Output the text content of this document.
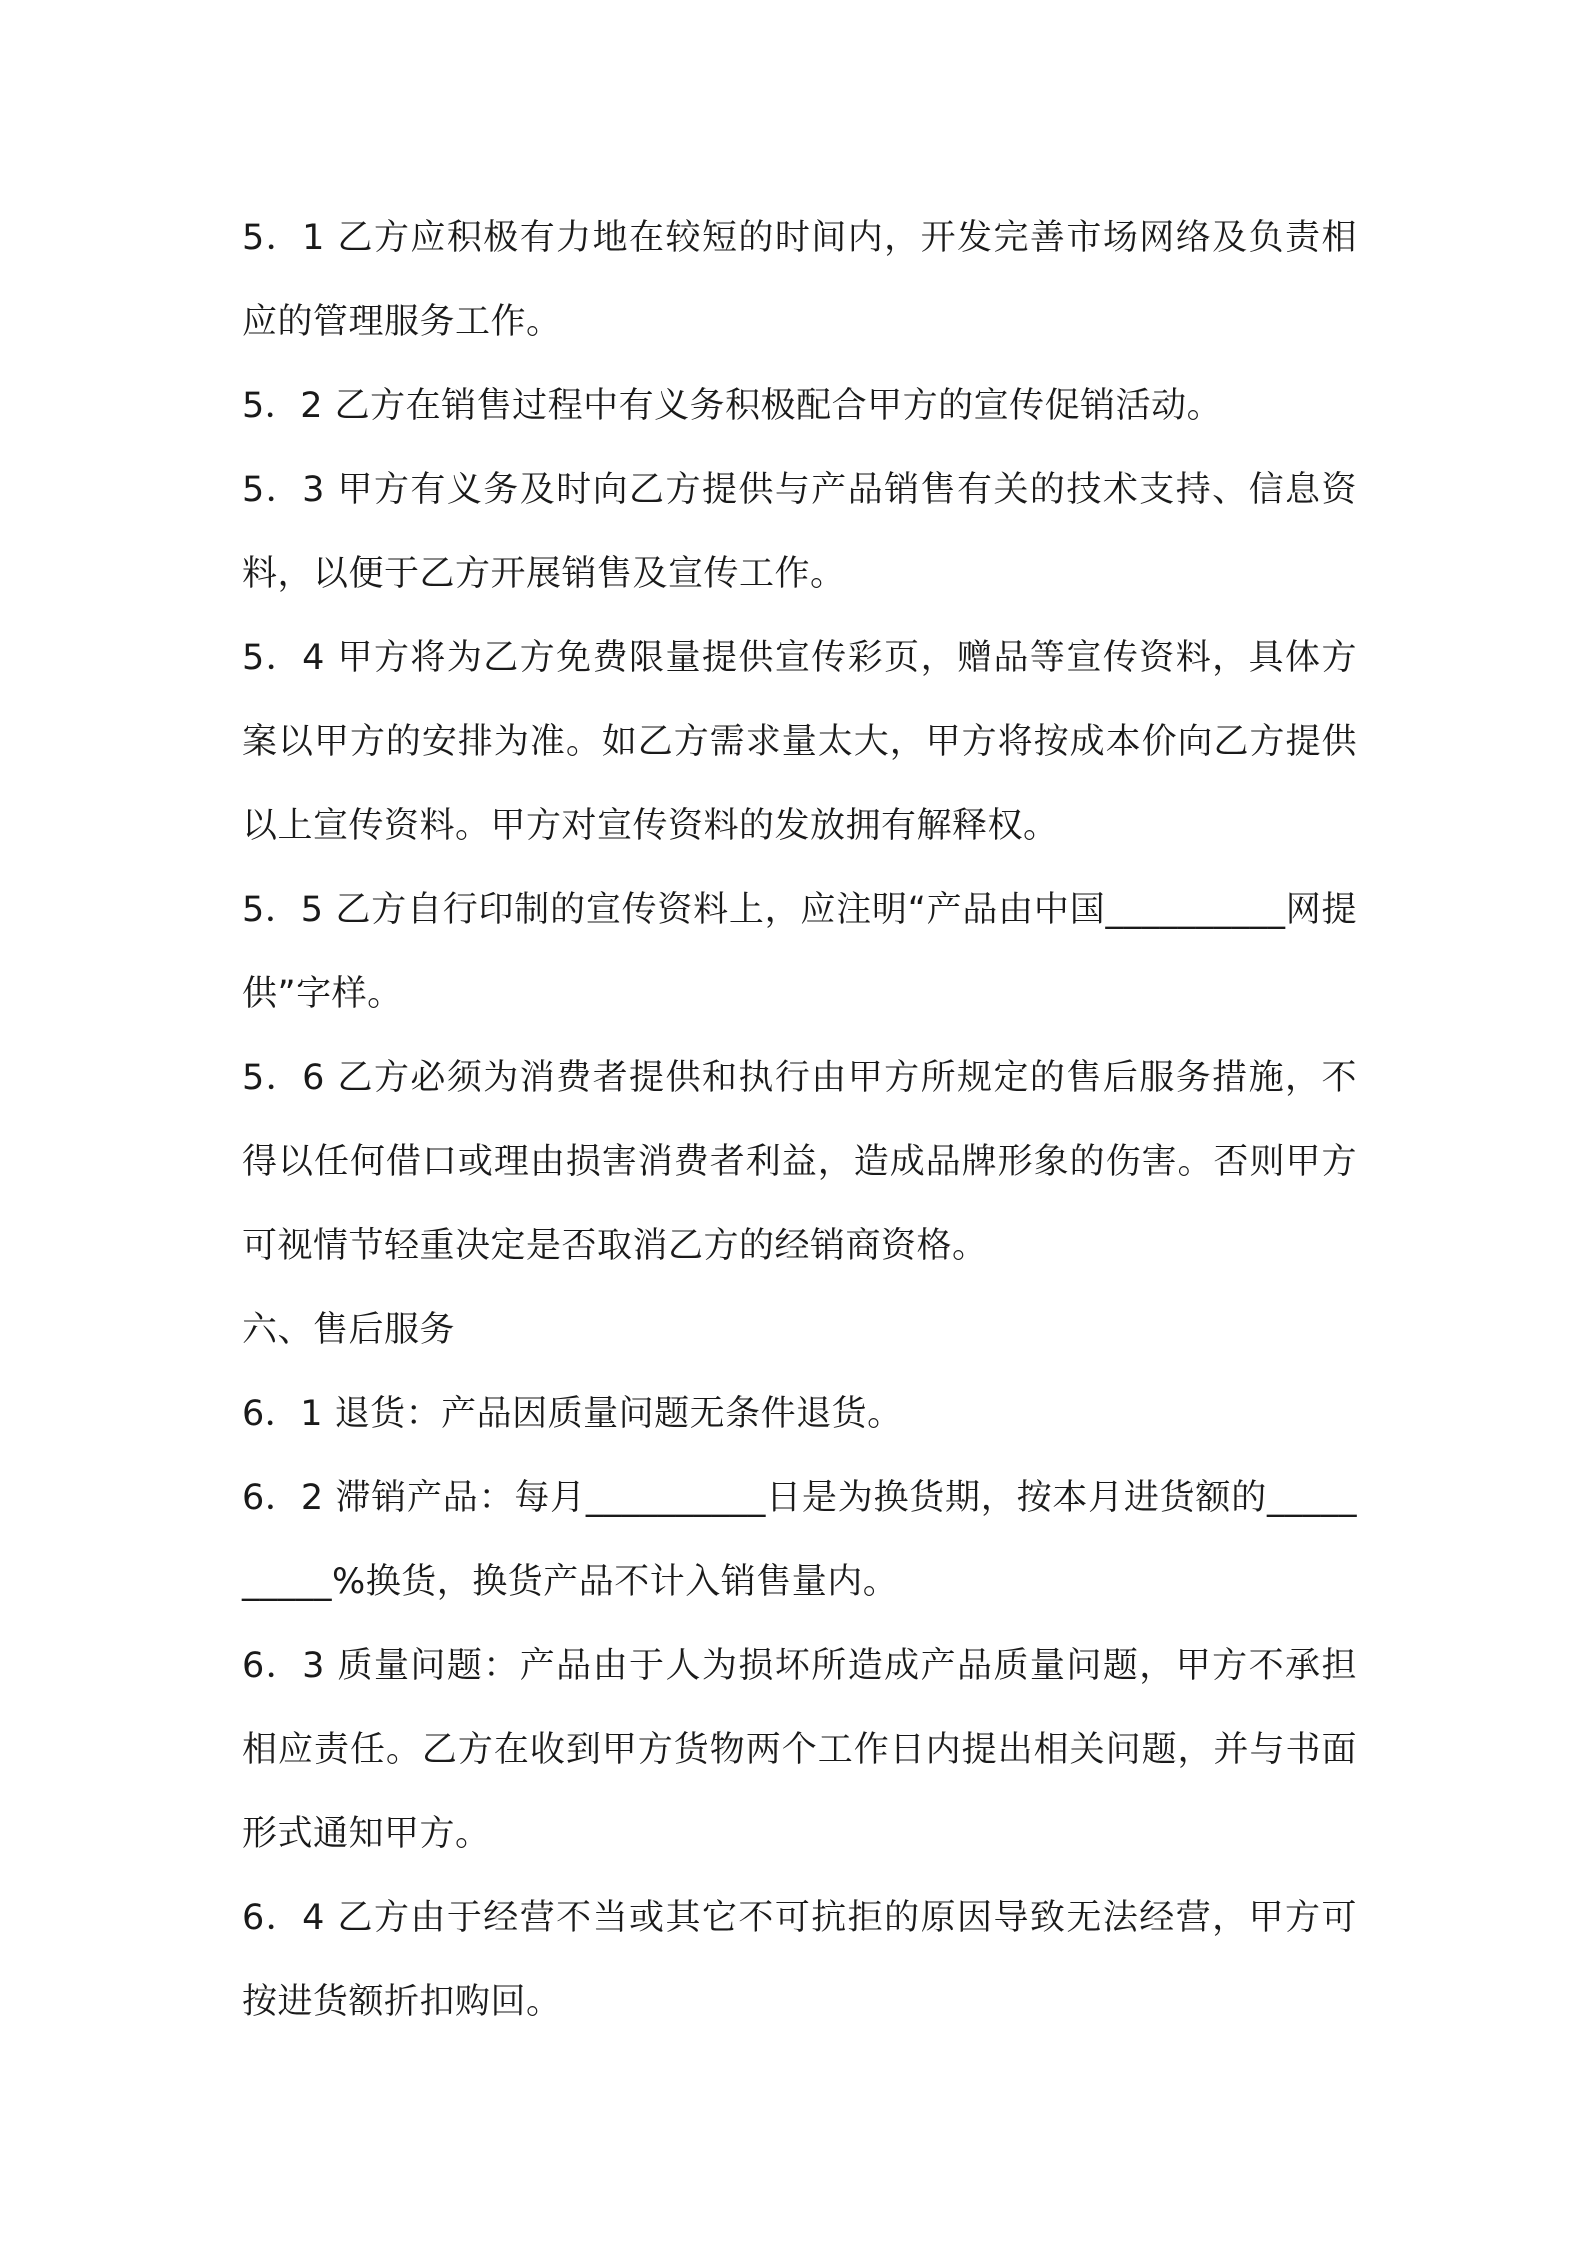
5．1 乙方应积极有力地在较短的时间内，开发完善市场网络及负责相应的管理服务工作。

5．2 乙方在销售过程中有义务积极配合甲方的宣传促销活动。

5．3 甲方有义务及时向乙方提供与产品销售有关的技术支持、信息资料，以便于乙方开展销售及宣传工作。

5．4 甲方将为乙方免费限量提供宣传彩页，赠品等宣传资料，具体方案以甲方的安排为准。如乙方需求量太大，甲方将按成本价向乙方提供以上宣传资料。甲方对宣传资料的发放拥有解释权。

5．5 乙方自行印制的宣传资料上，应注明“产品由中国__________网提供”字样。

5．6 乙方必须为消费者提供和执行由甲方所规定的售后服务措施，不得以任何借口或理由损害消费者利益，造成品牌形象的伤害。否则甲方可视情节轻重决定是否取消乙方的经销商资格。

六、售后服务

6．1 退货：产品因质量问题无条件退货。

6．2 滞销产品：每月__________日是为换货期，按本月进货额的__________%换货，换货产品不计入销售量内。

6．3 质量问题：产品由于人为损坏所造成产品质量问题，甲方不承担相应责任。乙方在收到甲方货物两个工作日内提出相关问题，并与书面形式通知甲方。

6．4 乙方由于经营不当或其它不可抗拒的原因导致无法经营，甲方可按进货额折扣购回。
